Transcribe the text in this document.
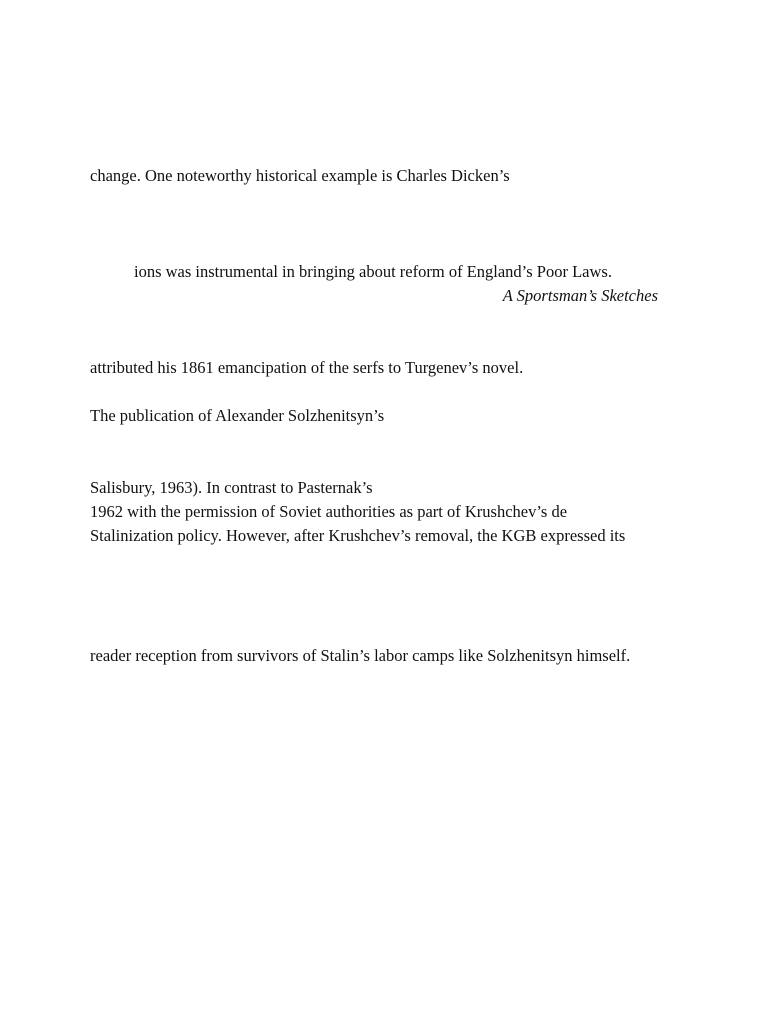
change. One noteworthy historical example is Charles Dicken’s
ions was instrumental in bringing about reform of England’s Poor Laws.
A Sportsman’s Sketches
attributed his 1861 emancipation of the serfs to Turgenev’s novel.
The publication of Alexander Solzhenitsyn’s
Salisbury, 1963). In contrast to Pasternak’s
1962 with the permission of Soviet authorities as part of Krushchev’s de
Stalinization policy. However, after Krushchev’s removal, the KGB expressed its
reader reception from survivors of Stalin’s labor camps like Solzhenitsyn himself.
